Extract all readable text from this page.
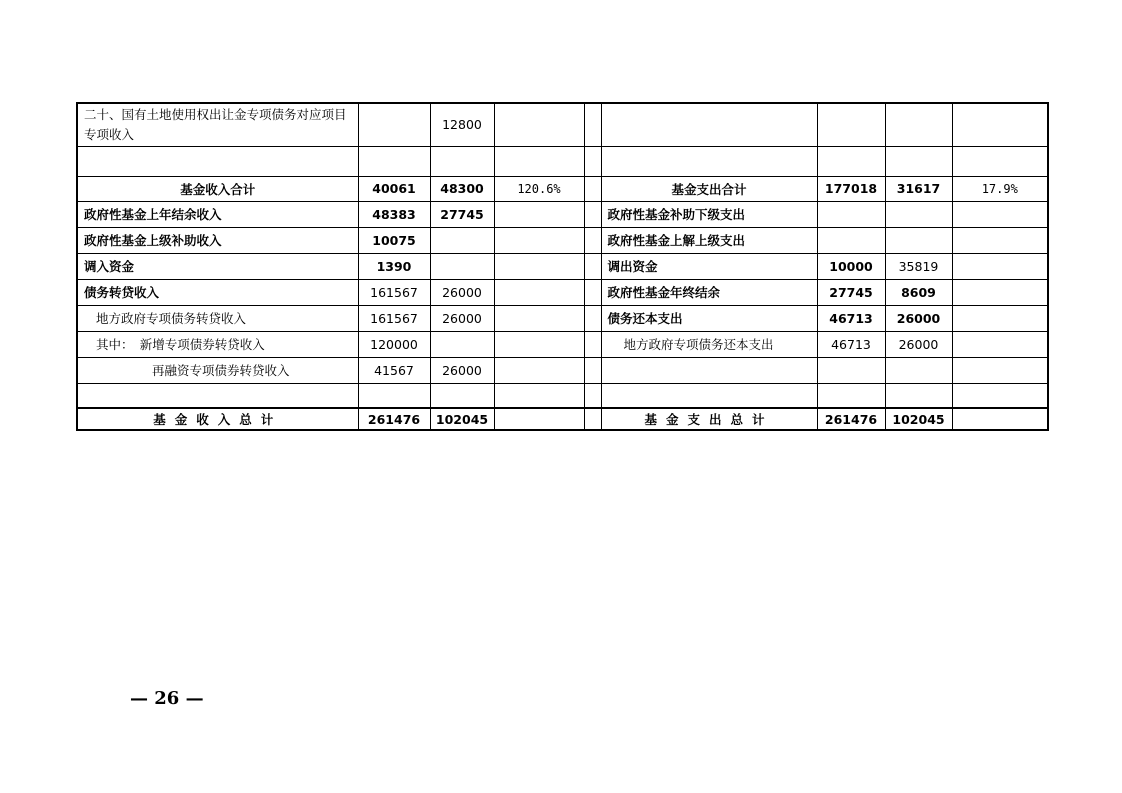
二十、国有土地使用权出让金专项债务对应项目专项收入		12800						

基金收入合计	40061	48300	120.6%		基金支出合计	177018	31617	17.9%
政府性基金上年结余收入	48383	27745			政府性基金补助下级支出			
政府性基金上级补助收入	10075				政府性基金上解上级支出			
调入资金	1390				调出资金	10000	35819	
债务转贷收入	161567	26000			政府性基金年终结余	27745	8609	
地方政府专项债务转贷收入	161567	26000			债务还本支出	46713	26000	
其中：　新增专项债券转贷收入	120000				地方政府专项债务还本支出	46713	26000	
再融资专项债券转贷收入	41567	26000						

基金收入总计	261476	102045			基金支出总计	261476	102045	
— 26 —
